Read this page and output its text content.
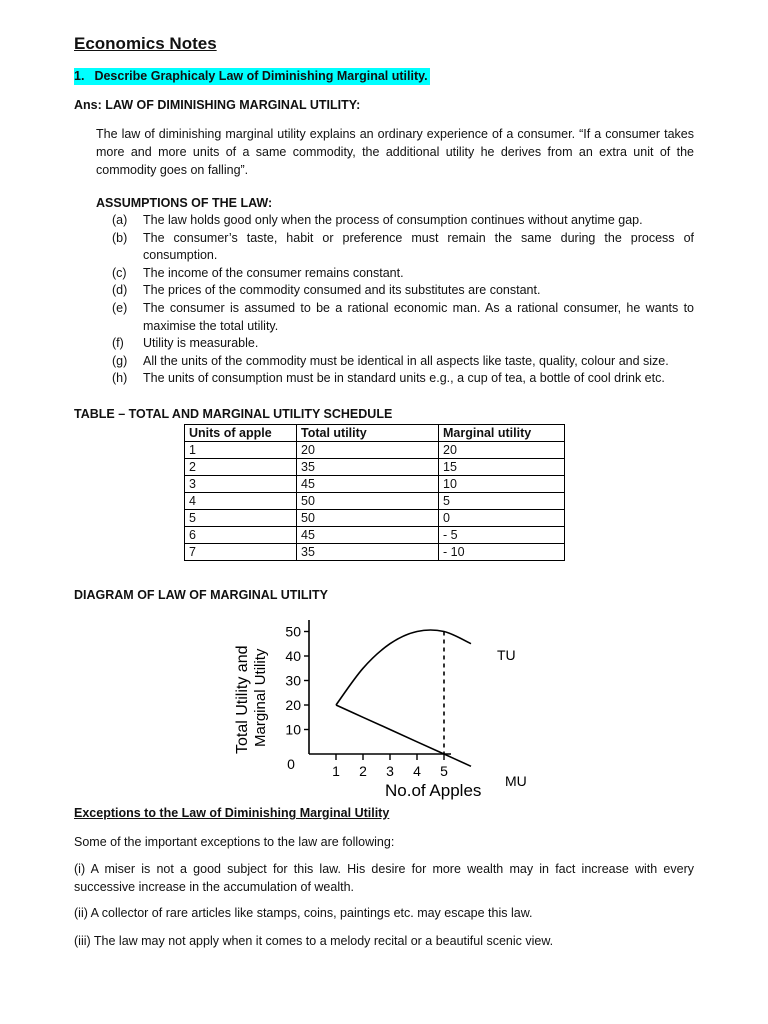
Economics Notes
1. Describe Graphicaly Law of Diminishing Marginal utility.
Ans: LAW OF DIMINISHING MARGINAL UTILITY:
The law of diminishing marginal utility explains an ordinary experience of a consumer. “If a consumer takes more and more units of a same commodity, the additional utility he derives from an extra unit of the commodity goes on falling”.
ASSUMPTIONS OF THE LAW:
(a)	The law holds good only when the process of consumption continues without anytime gap.
(b)	The consumer’s taste, habit or preference must remain the same during the process of consumption.
(c)	The income of the consumer remains constant.
(d)	The prices of the commodity consumed and its substitutes are constant.
(e)	The consumer is assumed to be a rational economic man. As a rational consumer, he wants to maximise the total utility.
(f)	Utility is measurable.
(g)	All the units of the commodity must be identical in all aspects like taste, quality, colour and size.
(h)	The units of consumption must be in standard units e.g., a cup of tea, a bottle of cool drink etc.
TABLE – TOTAL AND MARGINAL UTILITY SCHEDULE
Units of apple	Total utility	Marginal utility
1	20	20
2	35	15
3	45	10
4	50	5
5	50	0
6	45	- 5
7	35	- 10
DIAGRAM OF LAW OF MARGINAL UTILITY
Total Utility and Marginal Utility
50
40
30
20
10
1 2 3 4 5
0
TU
MU
No.of Apples
Exceptions to the Law of Diminishing Marginal Utility
Some of the important exceptions to the law are following:
(i) A miser is not a good subject for this law. His desire for more wealth may in fact increase with every successive increase in the accumulation of wealth.
(ii) A collector of rare articles like stamps, coins, paintings etc. may escape this law.
(iii) The law may not apply when it comes to a melody recital or a beautiful scenic view.
